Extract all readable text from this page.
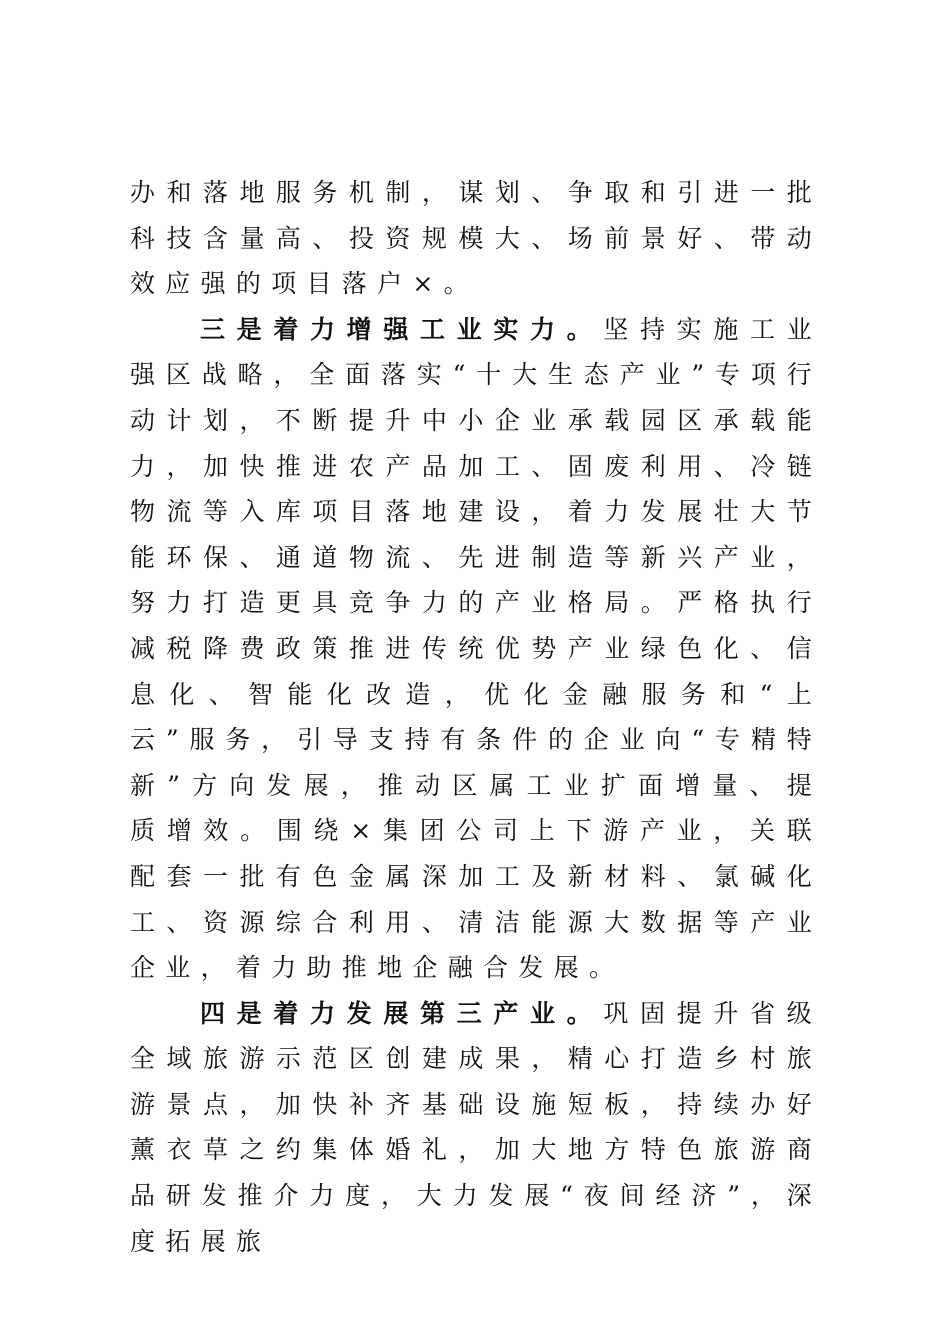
办和落地服务机制，谋划、争取和引进一批科技含量高、投资规模大、场前景好、带动效应强的项目落户×。

三是着力增强工业实力。坚持实施工业强区战略，全面落实“十大生态产业”专项行动计划，不断提升中小企业承载园区承载能力，加快推进农产品加工、固废利用、冷链物流等入库项目落地建设，着力发展壮大节能环保、通道物流、先进制造等新兴产业，努力打造更具竞争力的产业格局。严格执行减税降费政策推进传统优势产业绿色化、信息化、智能化改造，优化金融服务和“上云”服务，引导支持有条件的企业向“专精特新”方向发展，推动区属工业扩面增量、提质增效。围绕×集团公司上下游产业，关联配套一批有色金属深加工及新材料、氯碱化工、资源综合利用、清洁能源大数据等产业企业，着力助推地企融合发展。

四是着力发展第三产业。巩固提升省级全域旅游示范区创建成果，精心打造乡村旅游景点，加快补齐基础设施短板，持续办好薰衣草之约集体婚礼，加大地方特色旅游商品研发推介力度，大力发展“夜间经济”，深度拓展旅
